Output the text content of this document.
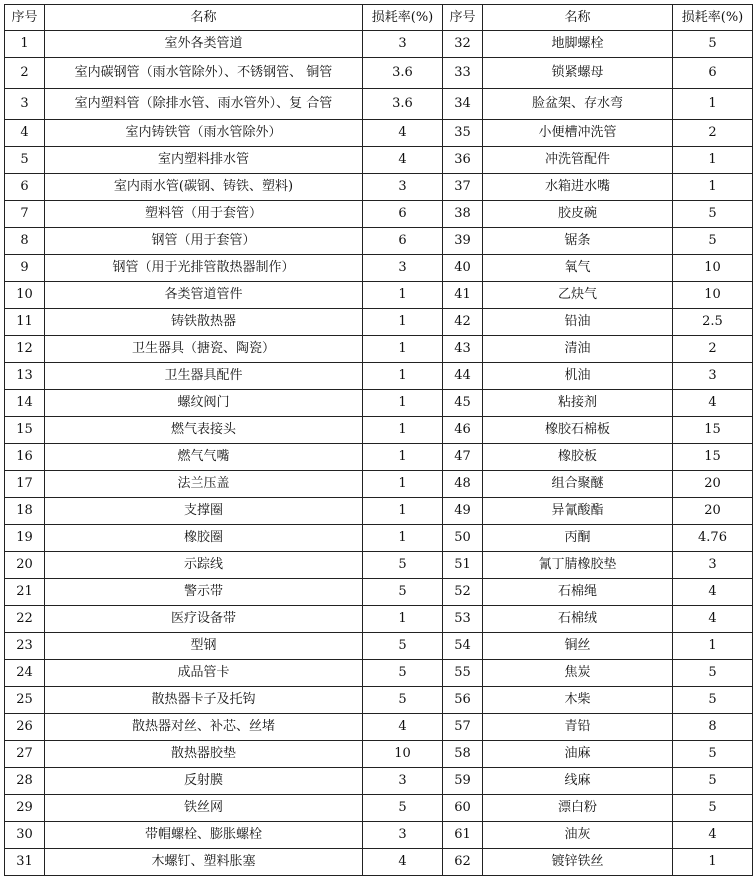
序号	名称	损耗率(%)	序号	名称	损耗率(%)
1	室外各类管道	3	32	地脚螺栓	5
2	室内碳钢管（雨水管除外）、不锈钢管、 铜管	3.6	33	锁紧螺母	6
3	室内塑料管（除排水管、雨水管外）、复 合管	3.6	34	脸盆架、存水弯	1
4	室内铸铁管（雨水管除外）	4	35	小便槽冲洗管	2
5	室内塑料排水管	4	36	冲洗管配件	1
6	室内雨水管(碳钢、铸铁、塑料)	3	37	水箱进水嘴	1
7	塑料管（用于套管）	6	38	胶皮碗	5
8	钢管（用于套管）	6	39	锯条	5
9	钢管（用于光排管散热器制作）	3	40	氧气	10
10	各类管道管件	1	41	乙炔气	10
11	铸铁散热器	1	42	铅油	2.5
12	卫生器具（搪瓷、陶瓷）	1	43	清油	2
13	卫生器具配件	1	44	机油	3
14	螺纹阀门	1	45	粘接剂	4
15	燃气表接头	1	46	橡胶石棉板	15
16	燃气气嘴	1	47	橡胶板	15
17	法兰压盖	1	48	组合聚醚	20
18	支撑圈	1	49	异氰酸酯	20
19	橡胶圈	1	50	丙酮	4.76
20	示踪线	5	51	氰丁腈橡胶垫	3
21	警示带	5	52	石棉绳	4
22	医疗设备带	1	53	石棉绒	4
23	型钢	5	54	铜丝	1
24	成品管卡	5	55	焦炭	5
25	散热器卡子及托钩	5	56	木柴	5
26	散热器对丝、补芯、丝堵	4	57	青铅	8
27	散热器胶垫	10	58	油麻	5
28	反射膜	3	59	线麻	5
29	铁丝网	5	60	漂白粉	5
30	带帽螺栓、膨胀螺栓	3	61	油灰	4
31	木螺钉、塑料胀塞	4	62	镀锌铁丝	1
